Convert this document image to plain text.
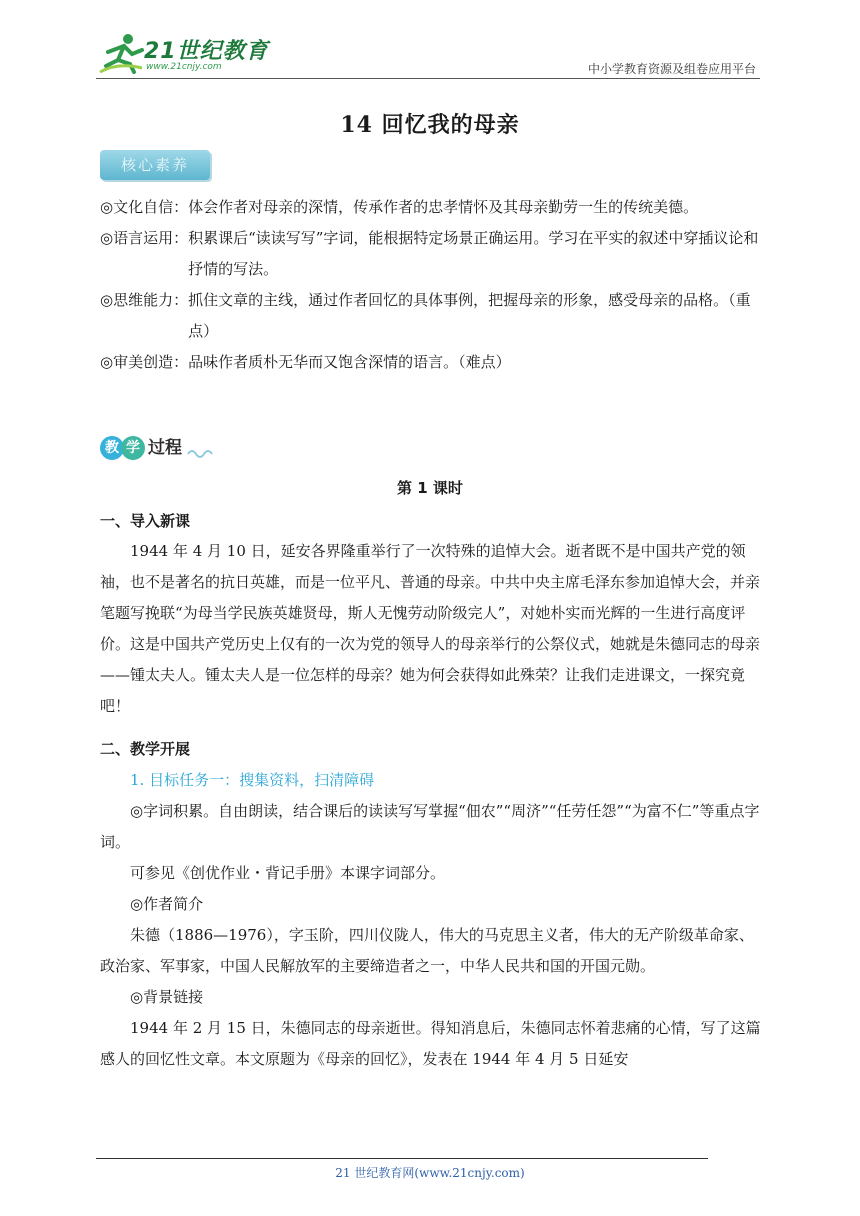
21世纪教育
www.21cnjy.com	中小学教育资源及组卷应用平台
14 回忆我的母亲
核心素养
◎文化自信： 体会作者对母亲的深情，传承作者的忠孝情怀及其母亲勤劳一生的传统美德。
◎语言运用： 积累课后“读读写写”字词，能根据特定场景正确运用。学习在平实的叙述中穿插议论和抒情的写法。
◎思维能力： 抓住文章的主线，通过作者回忆的具体事例，把握母亲的形象，感受母亲的品格。（重点）
◎审美创造： 品味作者质朴无华而又饱含深情的语言。（难点）
教 学 过程
第 1 课时
一、导入新课

1944 年 4 月 10 日，延安各界隆重举行了一次特殊的追悼大会。逝者既不是中国共产党的领袖，也不是著名的抗日英雄，而是一位平凡、普通的母亲。中共中央主席毛泽东参加追悼大会，并亲笔题写挽联“为母当学民族英雄贤母，斯人无愧劳动阶级完人”，对她朴实而光辉的一生进行高度评价。这是中国共产党历史上仅有的一次为党的领导人的母亲举行的公祭仪式，她就是朱德同志的母亲——锺太夫人。锺太夫人是一位怎样的母亲？她为何会获得如此殊荣？让我们走进课文，一探究竟吧！

二、教学开展

1. 目标任务一：搜集资料，扫清障碍

◎字词积累。自由朗读，结合课后的读读写写掌握“佃农”“周济”“任劳任怨”“为富不仁”等重点字词。

可参见《创优作业・背记手册》本课字词部分。

◎作者简介

朱德（1886—1976），字玉阶，四川仪陇人，伟大的马克思主义者，伟大的无产阶级革命家、政治家、军事家，中国人民解放军的主要缔造者之一，中华人民共和国的开国元勋。

◎背景链接

1944 年 2 月 15 日，朱德同志的母亲逝世。得知消息后，朱德同志怀着悲痛的心情，写了这篇感人的回忆性文章。本文原题为《母亲的回忆》，发表在 1944 年 4 月 5 日延安

21 世纪教育网(www.21cnjy.com)
